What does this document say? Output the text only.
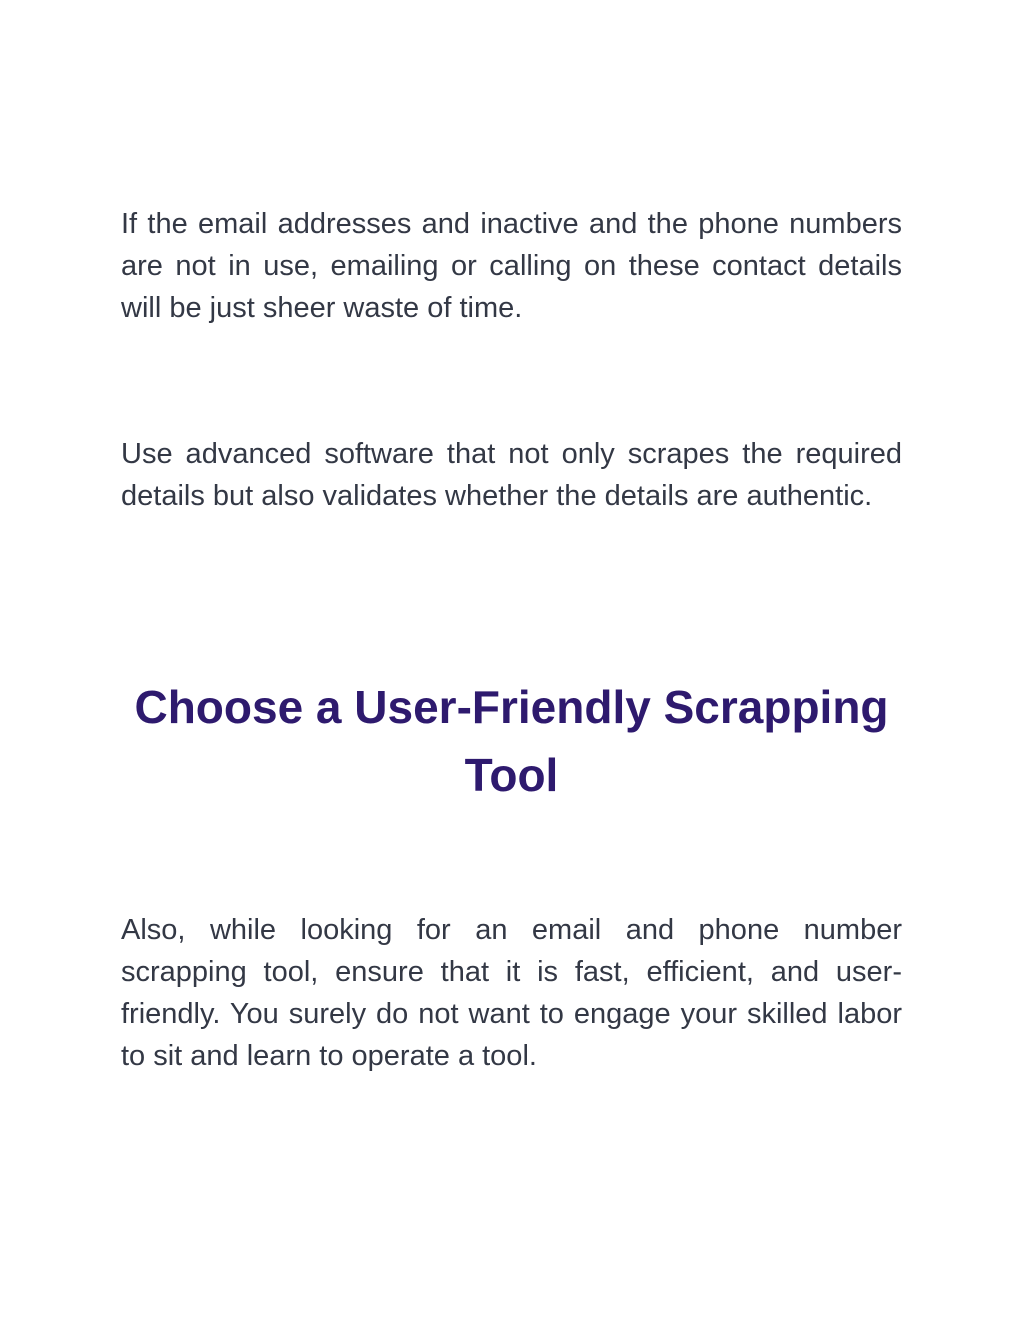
If the email addresses and inactive and the phone numbers are not in use, emailing or calling on these contact details will be just sheer waste of time.

Use advanced software that not only scrapes the required details but also validates whether the details are authentic.

Choose a User-Friendly Scrapping Tool

Also, while looking for an email and phone number scrapping tool, ensure that it is fast, efficient, and user-friendly. You surely do not want to engage your skilled labor to sit and learn to operate a tool.
